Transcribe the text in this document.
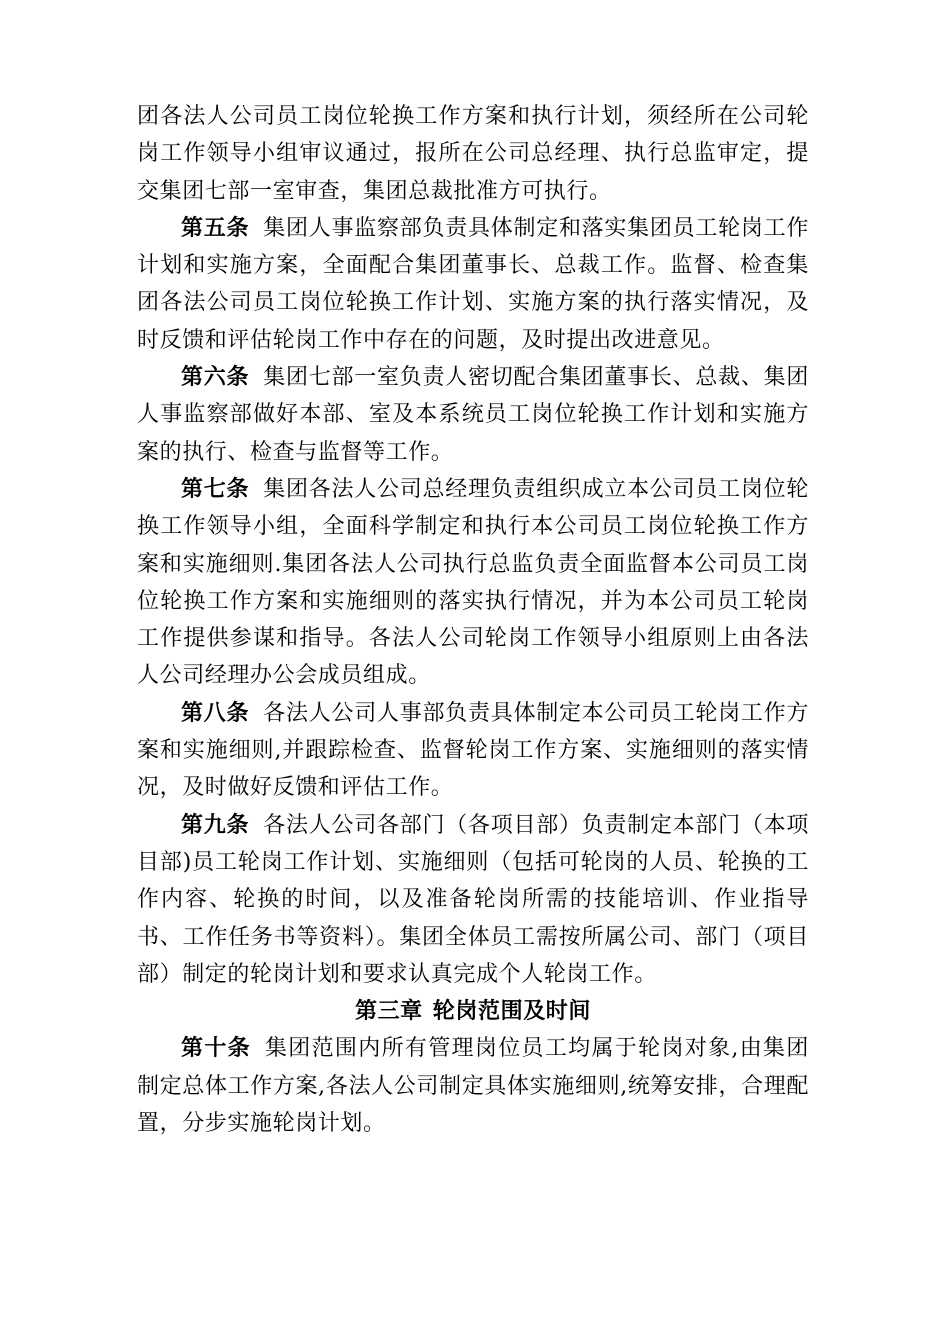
团各法人公司员工岗位轮换工作方案和执行计划，须经所在公司轮岗工作领导小组审议通过，报所在公司总经理、执行总监审定，提交集团七部一室审查，集团总裁批准方可执行。

第五条 集团人事监察部负责具体制定和落实集团员工轮岗工作计划和实施方案，全面配合集团董事长、总裁工作。监督、检查集团各法公司员工岗位轮换工作计划、实施方案的执行落实情况，及时反馈和评估轮岗工作中存在的问题，及时提出改进意见。

第六条 集团七部一室负责人密切配合集团董事长、总裁、集团人事监察部做好本部、室及本系统员工岗位轮换工作计划和实施方案的执行、检查与监督等工作。

第七条 集团各法人公司总经理负责组织成立本公司员工岗位轮换工作领导小组，全面科学制定和执行本公司员工岗位轮换工作方案和实施细则.集团各法人公司执行总监负责全面监督本公司员工岗位轮换工作方案和实施细则的落实执行情况，并为本公司员工轮岗工作提供参谋和指导。各法人公司轮岗工作领导小组原则上由各法人公司经理办公会成员组成。

第八条 各法人公司人事部负责具体制定本公司员工轮岗工作方案和实施细则,并跟踪检查、监督轮岗工作方案、实施细则的落实情况，及时做好反馈和评估工作。

第九条 各法人公司各部门（各项目部）负责制定本部门（本项目部)员工轮岗工作计划、实施细则（包括可轮岗的人员、轮换的工作内容、轮换的时间，以及准备轮岗所需的技能培训、作业指导书、工作任务书等资料）。集团全体员工需按所属公司、部门（项目部）制定的轮岗计划和要求认真完成个人轮岗工作。

第三章 轮岗范围及时间

第十条 集团范围内所有管理岗位员工均属于轮岗对象,由集团制定总体工作方案,各法人公司制定具体实施细则,统筹安排，合理配置，分步实施轮岗计划。
